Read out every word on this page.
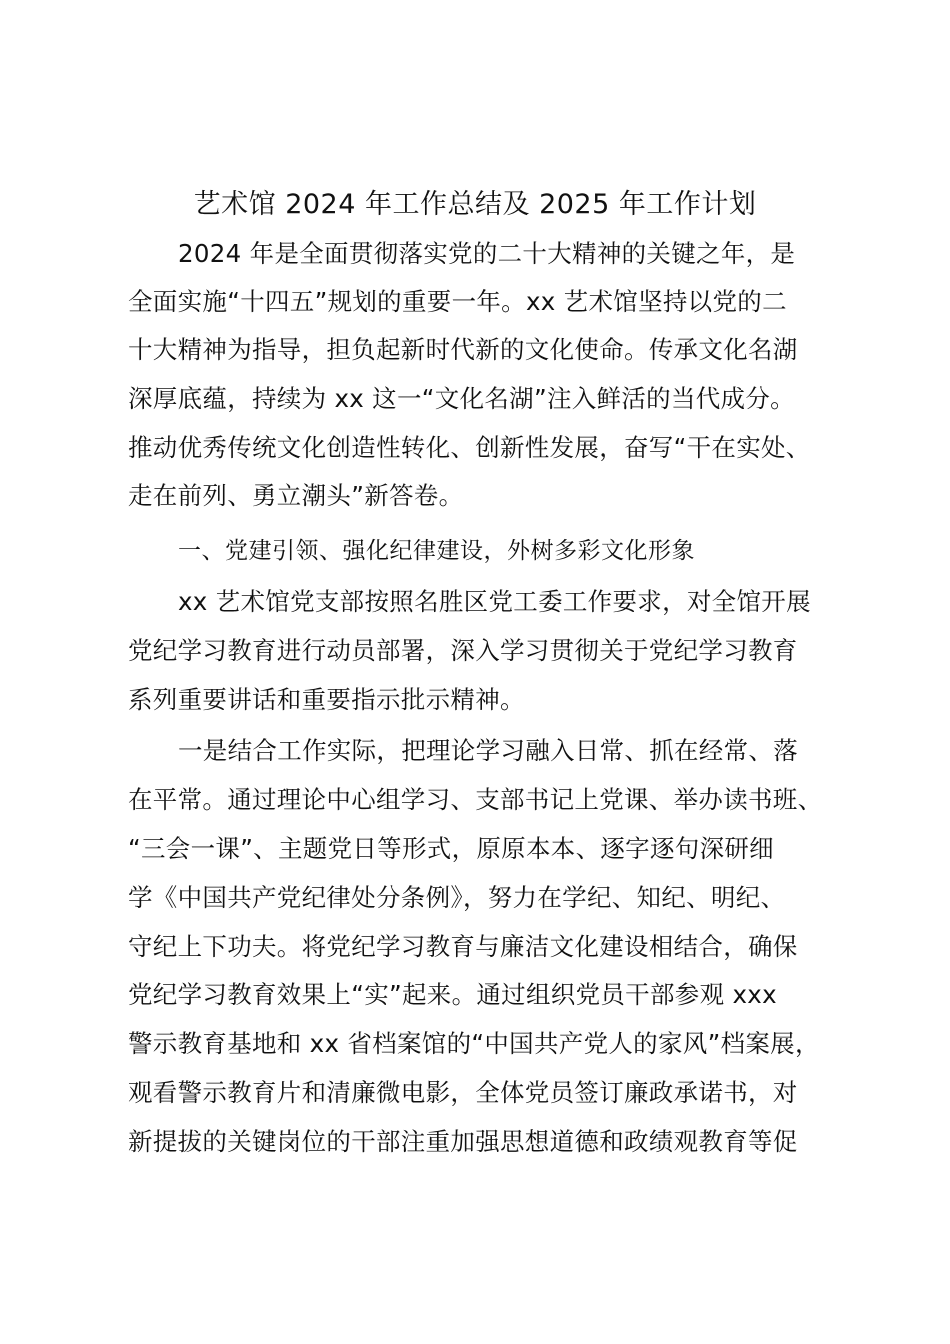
艺术馆 2024 年工作总结及 2025 年工作计划
2024 年是全面贯彻落实党的二十大精神的关键之年，是
全面实施“十四五”规划的重要一年。xx 艺术馆坚持以党的二
十大精神为指导，担负起新时代新的文化使命。传承文化名湖
深厚底蕴，持续为 xx 这一“文化名湖”注入鲜活的当代成分。
推动优秀传统文化创造性转化、创新性发展，奋写“干在实处、
走在前列、勇立潮头”新答卷。
一、党建引领、强化纪律建设，外树多彩文化形象
xx 艺术馆党支部按照名胜区党工委工作要求，对全馆开展
党纪学习教育进行动员部署，深入学习贯彻关于党纪学习教育
系列重要讲话和重要指示批示精神。
一是结合工作实际，把理论学习融入日常、抓在经常、落
在平常。通过理论中心组学习、支部书记上党课、举办读书班、
“三会一课”、主题党日等形式，原原本本、逐字逐句深研细
学《中国共产党纪律处分条例》，努力在学纪、知纪、明纪、
守纪上下功夫。将党纪学习教育与廉洁文化建设相结合，确保
党纪学习教育效果上“实”起来。通过组织党员干部参观 xxx
警示教育基地和 xx 省档案馆的“中国共产党人的家风”档案展，
观看警示教育片和清廉微电影，全体党员签订廉政承诺书，对
新提拔的关键岗位的干部注重加强思想道德和政绩观教育等促
